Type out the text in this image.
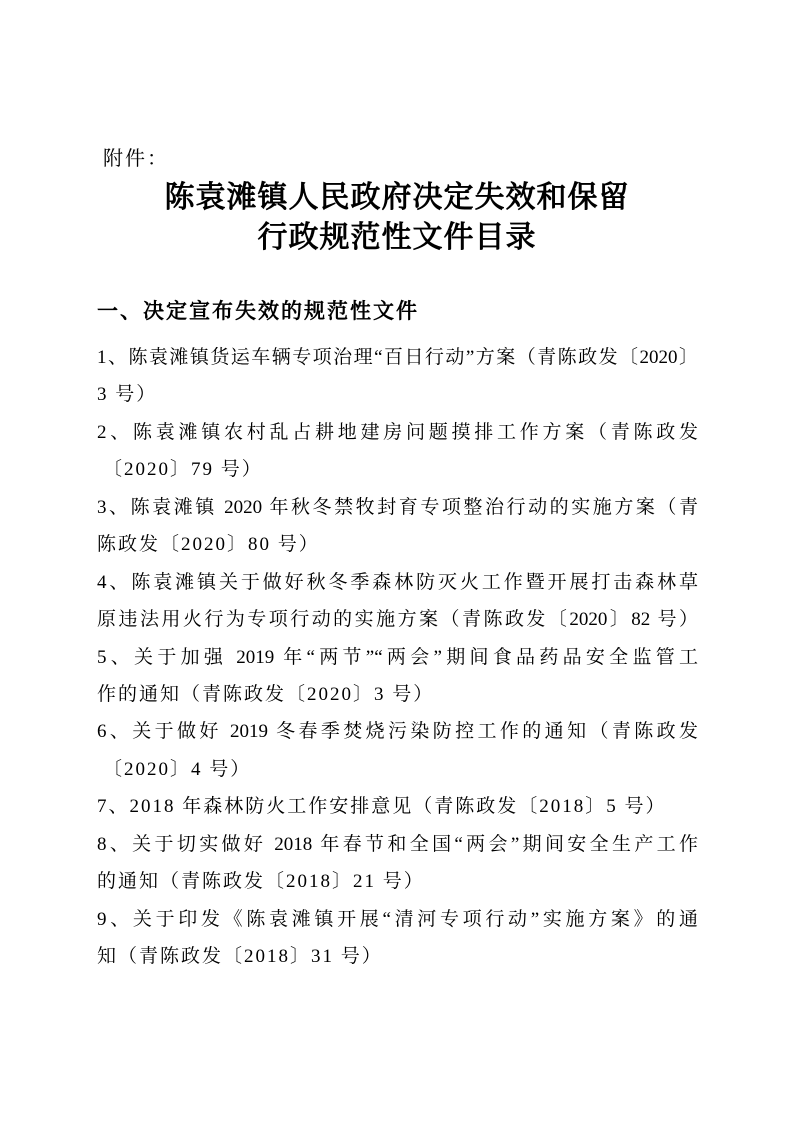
附件：
陈袁滩镇人民政府决定失效和保留
行政规范性文件目录
一、决定宣布失效的规范性文件
1、陈袁滩镇货运车辆专项治理“百日行动”方案（青陈政发〔2020〕
3 号）
2、陈袁滩镇农村乱占耕地建房问题摸排工作方案（青陈政发
〔2020〕79 号）
3、陈袁滩镇 2020 年秋冬禁牧封育专项整治行动的实施方案（青
陈政发〔2020〕80 号）
4、陈袁滩镇关于做好秋冬季森林防灭火工作暨开展打击森林草
原违法用火行为专项行动的实施方案（青陈政发〔2020〕82 号）
5、关于加强 2019 年“两节”“两会”期间食品药品安全监管工
作的通知（青陈政发〔2020〕3 号）
6、关于做好 2019 冬春季焚烧污染防控工作的通知（青陈政发
〔2020〕4 号）
7、2018 年森林防火工作安排意见（青陈政发〔2018〕5 号）
8、关于切实做好 2018 年春节和全国“两会”期间安全生产工作
的通知（青陈政发〔2018〕21 号）
9、关于印发《陈袁滩镇开展“清河专项行动”实施方案》的通
知（青陈政发〔2018〕31 号）
